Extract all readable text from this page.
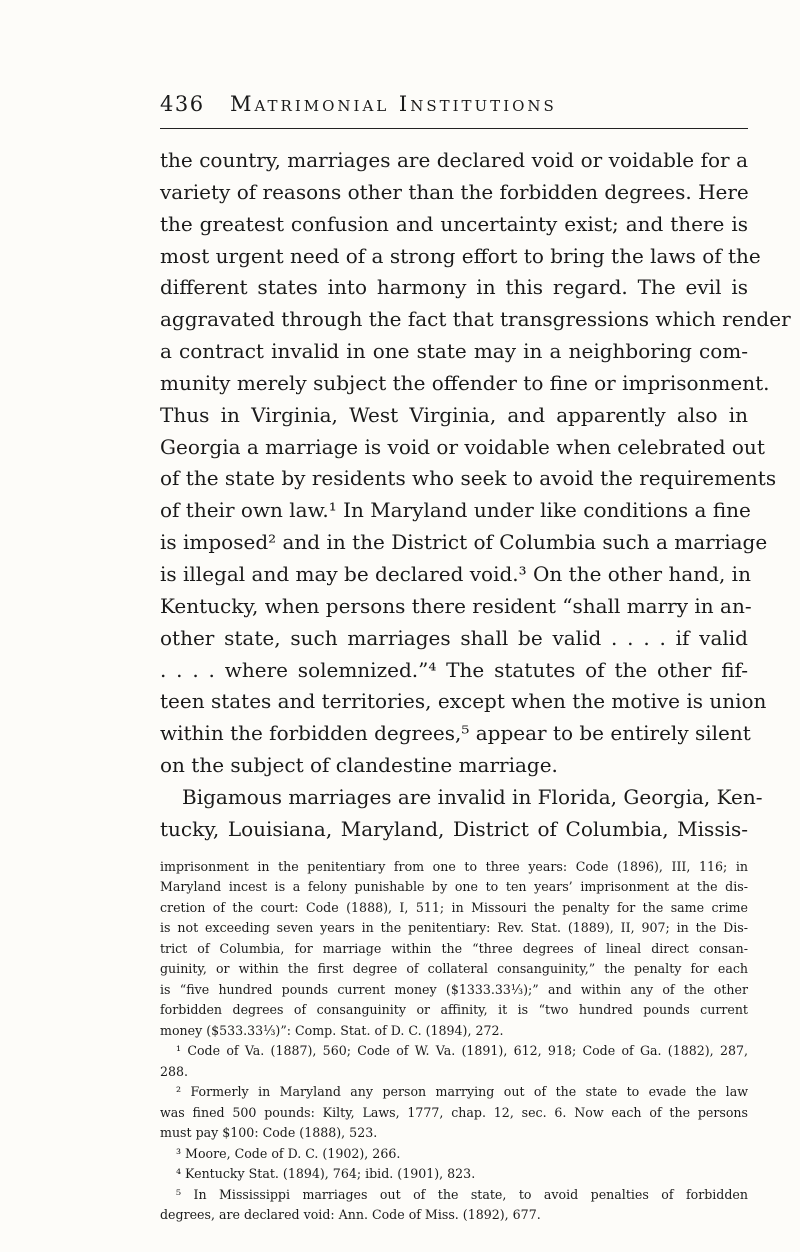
436	Matrimonial Institutions

the country, marriages are declared void or voidable for a

variety of reasons other than the forbidden degrees. Here

the greatest confusion and uncertainty exist; and there is

most urgent need of a strong effort to bring the laws of the

different states into harmony in this regard. The evil is

aggravated through the fact that transgressions which render

a contract invalid in one state may in a neighboring com-

munity merely subject the offender to fine or imprisonment.

Thus in Virginia, West Virginia, and apparently also in

Georgia a marriage is void or voidable when celebrated out

of the state by residents who seek to avoid the requirements

of their own law.¹ In Maryland under like conditions a fine

is imposed² and in the District of Columbia such a marriage

is illegal and may be declared void.³ On the other hand, in

Kentucky, when persons there resident “shall marry in an-

other state, such marriages shall be valid . . . . if valid

. . . . where solemnized.”⁴ The statutes of the other fif-

teen states and territories, except when the motive is union

within the forbidden degrees,⁵ appear to be entirely silent

on the subject of clandestine marriage.

Bigamous marriages are invalid in Florida, Georgia, Ken-

tucky, Louisiana, Maryland, District of Columbia, Missis-

imprisonment in the penitentiary from one to three years: Code (1896), III, 116; in

Maryland incest is a felony punishable by one to ten years’ imprisonment at the dis-

cretion of the court: Code (1888), I, 511; in Missouri the penalty for the same crime

is not exceeding seven years in the penitentiary: Rev. Stat. (1889), II, 907; in the Dis-

trict of Columbia, for marriage within the “three degrees of lineal direct consan-

guinity, or within the first degree of collateral consanguinity,” the penalty for each

is “five hundred pounds current money ($1333.33⅓);” and within any of the other

forbidden degrees of consanguinity or affinity, it is “two hundred pounds current

money ($533.33⅓)”: Comp. Stat. of D. C. (1894), 272.

¹ Code of Va. (1887), 560; Code of W. Va. (1891), 612, 918; Code of Ga. (1882), 287,

288.

² Formerly in Maryland any person marrying out of the state to evade the law

was fined 500 pounds: Kilty, Laws, 1777, chap. 12, sec. 6. Now each of the persons

must pay $100: Code (1888), 523.

³ Moore, Code of D. C. (1902), 266.

⁴ Kentucky Stat. (1894), 764; ibid. (1901), 823.

⁵ In Mississippi marriages out of the state, to avoid penalties of forbidden

degrees, are declared void: Ann. Code of Miss. (1892), 677.
